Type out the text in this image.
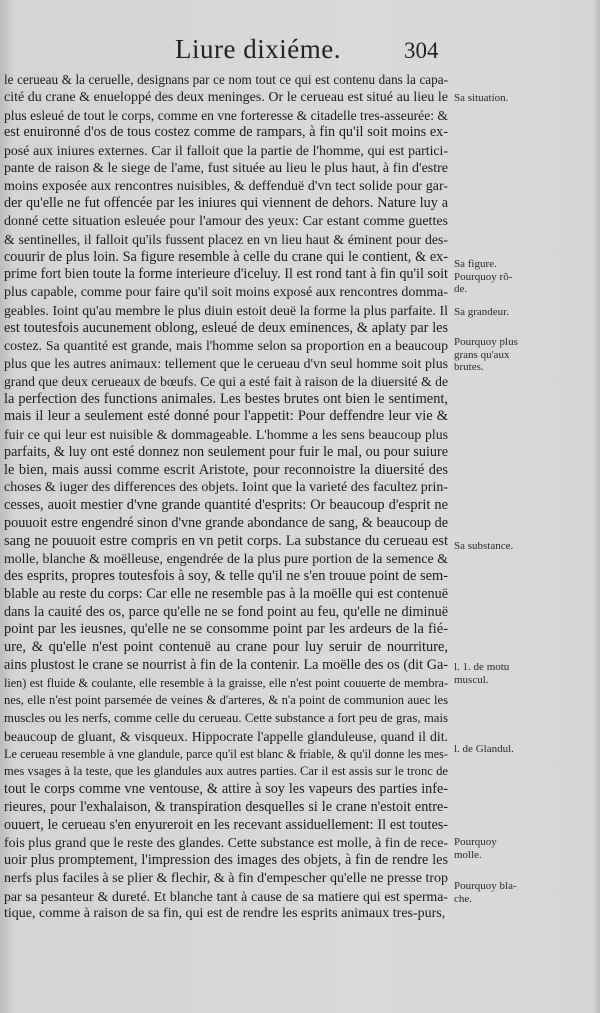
Liure dixiéme.	304
le cerueau & la ceruelle, designans par ce nom tout ce qui est contenu dans la capa-
cité du crane & enueloppé des deux meninges. Or le cerueau est situé au lieu le
plus esleué de tout le corps, comme en vne forteresse & citadelle tres-asseurée: &
est enuironné d'os de tous costez comme de rampars, à fin qu'il soit moins ex-
posé aux iniures externes. Car il falloit que la partie de l'homme, qui est partici-
pante de raison & le siege de l'ame, fust située au lieu le plus haut, à fin d'estre
moins exposée aux rencontres nuisibles, & deffenduë d'vn tect solide pour gar-
der qu'elle ne fut offencée par les iniures qui viennent de dehors. Nature luy a
donné cette situation esleuée pour l'amour des yeux: Car estant comme guettes
& sentinelles, il falloit qu'ils fussent placez en vn lieu haut & éminent pour des-
couurir de plus loin. Sa figure resemble à celle du crane qui le contient, & ex-
prime fort bien toute la forme interieure d'iceluy. Il est rond tant à fin qu'il soit
plus capable, comme pour faire qu'il soit moins exposé aux rencontres domma-
geables. Ioint qu'au membre le plus diuin estoit deuë la forme la plus parfaite. Il
est toutesfois aucunement oblong, esleué de deux eminences, & aplaty par les
costez. Sa quantité est grande, mais l'homme selon sa proportion en a beaucoup
plus que les autres animaux: tellement que le cerueau d'vn seul homme soit plus
grand que deux cerueaux de bœufs. Ce qui a esté fait à raison de la diuersité & de
la perfection des functions animales. Les bestes brutes ont bien le sentiment,
mais il leur a seulement esté donné pour l'appetit: Pour deffendre leur vie &
fuir ce qui leur est nuisible & dommageable. L'homme a les sens beaucoup plus
parfaits, & luy ont esté donnez non seulement pour fuir le mal, ou pour suiure
le bien, mais aussi comme escrit Aristote, pour reconnoistre la diuersité des
choses & iuger des differences des objets. Ioint que la varieté des facultez prin-
cesses, auoit mestier d'vne grande quantité d'esprits: Or beaucoup d'esprit ne
pouuoit estre engendré sinon d'vne grande abondance de sang, & beaucoup de
sang ne pouuoit estre compris en vn petit corps. La substance du cerueau est
molle, blanche & moëlleuse, engendrée de la plus pure portion de la semence &
des esprits, propres toutesfois à soy, & telle qu'il ne s'en trouue point de sem-
blable au reste du corps: Car elle ne resemble pas à la moëlle qui est contenuë
dans la cauité des os, parce qu'elle ne se fond point au feu, qu'elle ne diminuë
point par les ieusnes, qu'elle ne se consomme point par les ardeurs de la fié-
ure, & qu'elle n'est point contenuë au crane pour luy seruir de nourriture,
ains plustost le crane se nourrist à fin de la contenir. La moëlle des os (dit Ga-
lien) est fluide & coulante, elle resemble à la graisse, elle n'est point couuerte de membra-
nes, elle n'est point parsemée de veines & d'arteres, & n'a point de communion auec les
muscles ou les nerfs, comme celle du cerueau. Cette substance a fort peu de gras, mais
beaucoup de gluant, & visqueux. Hippocrate l'appelle glanduleuse, quand il dit.
Le cerueau resemble à vne glandule, parce qu'il est blanc & friable, & qu'il donne les mes-
mes vsages à la teste, que les glandules aux autres parties. Car il est assis sur le tronc de
tout le corps comme vne ventouse, & attire à soy les vapeurs des parties infe-
rieures, pour l'exhalaison, & transpiration desquelles si le crane n'estoit entre-
ouuert, le cerueau s'en enyureroit en les recevant assiduellement: Il est toutes-
fois plus grand que le reste des glandes. Cette substance est molle, à fin de rece-
uoir plus promptement, l'impression des images des objets, à fin de rendre les
nerfs plus faciles à se plier & flechir, & à fin d'empescher qu'elle ne presse trop
par sa pesanteur & dureté. Et blanche tant à cause de sa matiere qui est sperma-
tique, comme à raison de sa fin, qui est de rendre les esprits animaux tres-purs,
Sa situation.
Sa figure.
Pourquoy rõ-
de.
Sa grandeur.
Pourquoy plus
grans qu'aux
brutes.
Sa substance.
l. 1. de motu
muscul.
l. de Glandul.
Pourquoy
molle.
Pourquoy bla-
che.
